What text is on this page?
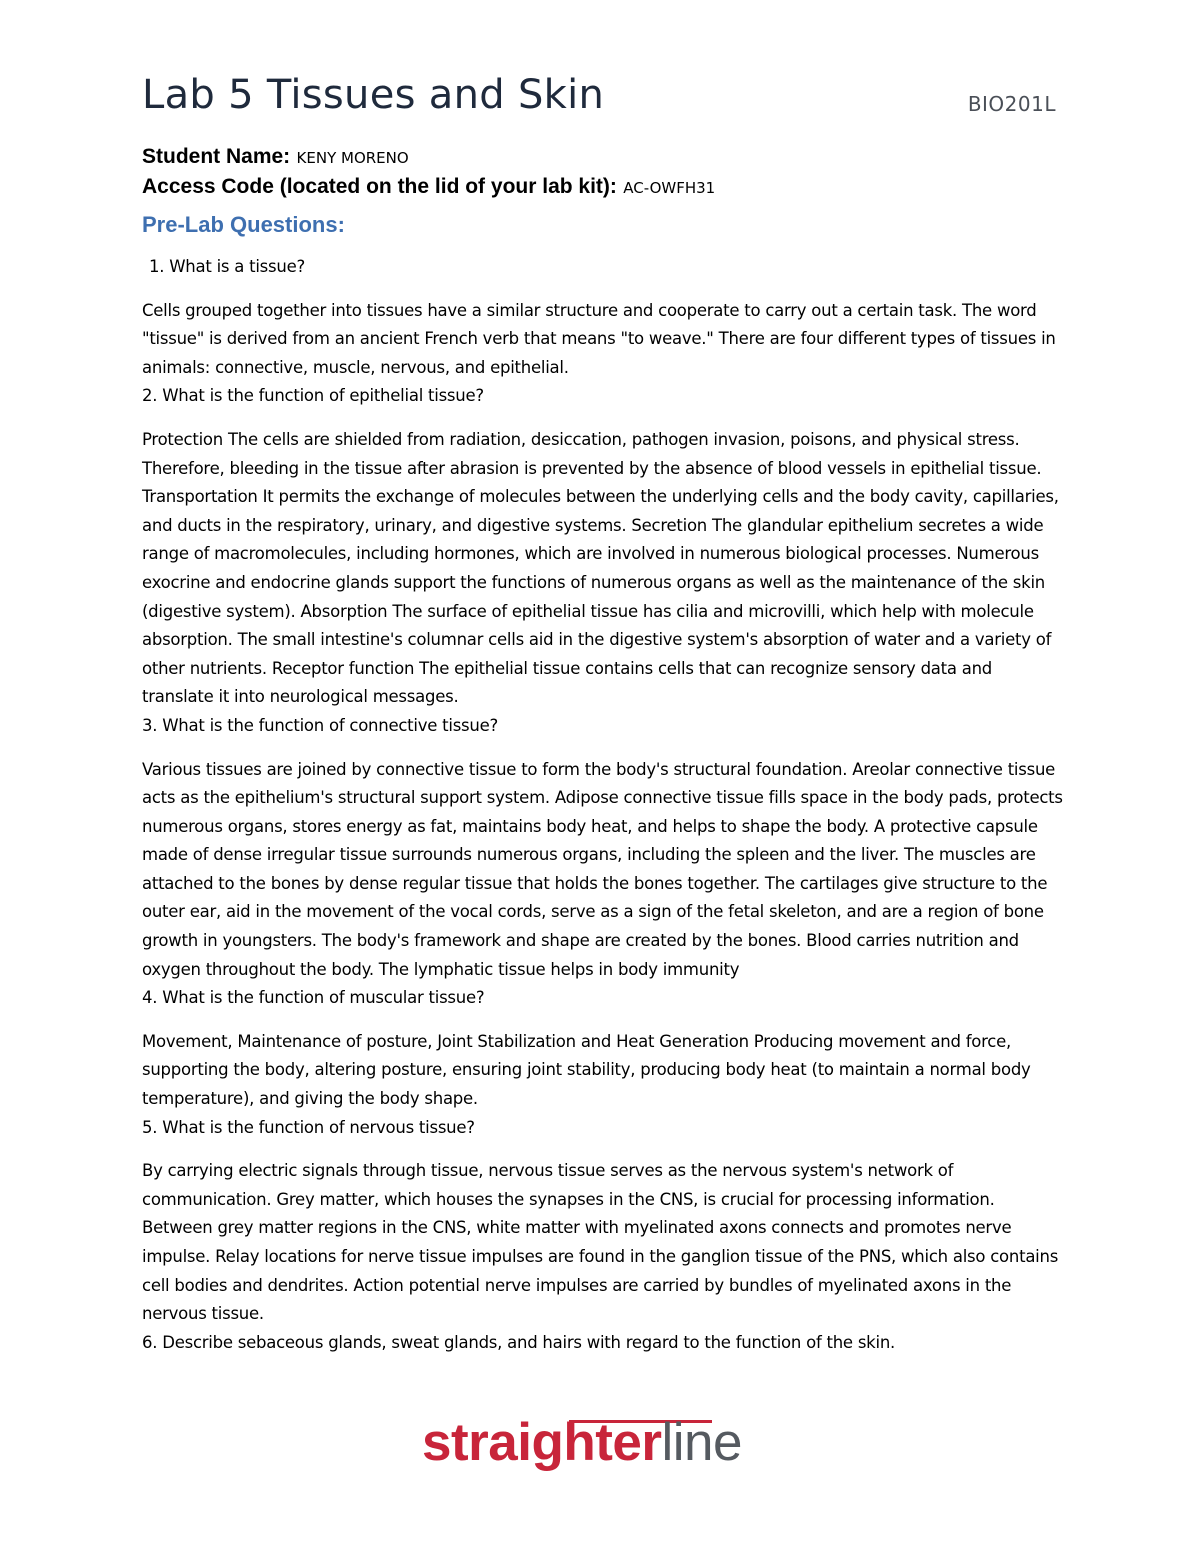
Lab 5 Tissues and Skin	BIO201L
Student Name: KENY MORENO
Access Code (located on the lid of your lab kit): AC-OWFH31
Pre-Lab Questions:

1. What is a tissue?

Cells grouped together into tissues have a similar structure and cooperate to carry out a certain task. The word "tissue" is derived from an ancient French verb that means "to weave." There are four different types of tissues in animals: connective, muscle, nervous, and epithelial.

2. What is the function of epithelial tissue?

Protection The cells are shielded from radiation, desiccation, pathogen invasion, poisons, and physical stress. Therefore, bleeding in the tissue after abrasion is prevented by the absence of blood vessels in epithelial tissue. Transportation It permits the exchange of molecules between the underlying cells and the body cavity, capillaries, and ducts in the respiratory, urinary, and digestive systems. Secretion The glandular epithelium secretes a wide range of macromolecules, including hormones, which are involved in numerous biological processes. Numerous exocrine and endocrine glands support the functions of numerous organs as well as the maintenance of the skin (digestive system). Absorption The surface of epithelial tissue has cilia and microvilli, which help with molecule absorption. The small intestine's columnar cells aid in the digestive system's absorption of water and a variety of other nutrients. Receptor function The epithelial tissue contains cells that can recognize sensory data and translate it into neurological messages.

3. What is the function of connective tissue?

Various tissues are joined by connective tissue to form the body's structural foundation. Areolar connective tissue acts as the epithelium's structural support system. Adipose connective tissue fills space in the body pads, protects numerous organs, stores energy as fat, maintains body heat, and helps to shape the body. A protective capsule made of dense irregular tissue surrounds numerous organs, including the spleen and the liver. The muscles are attached to the bones by dense regular tissue that holds the bones together. The cartilages give structure to the outer ear, aid in the movement of the vocal cords, serve as a sign of the fetal skeleton, and are a region of bone growth in youngsters. The body's framework and shape are created by the bones. Blood carries nutrition and oxygen throughout the body. The lymphatic tissue helps in body immunity

4. What is the function of muscular tissue?

Movement, Maintenance of posture, Joint Stabilization and Heat Generation Producing movement and force, supporting the body, altering posture, ensuring joint stability, producing body heat (to maintain a normal body temperature), and giving the body shape.

5. What is the function of nervous tissue?

By carrying electric signals through tissue, nervous tissue serves as the nervous system's network of communication. Grey matter, which houses the synapses in the CNS, is crucial for processing information. Between grey matter regions in the CNS, white matter with myelinated axons connects and promotes nerve impulse. Relay locations for nerve tissue impulses are found in the ganglion tissue of the PNS, which also contains cell bodies and dendrites. Action potential nerve impulses are carried by bundles of myelinated axons in the nervous tissue.

6. Describe sebaceous glands, sweat glands, and hairs with regard to the function of the skin.

straighterline
